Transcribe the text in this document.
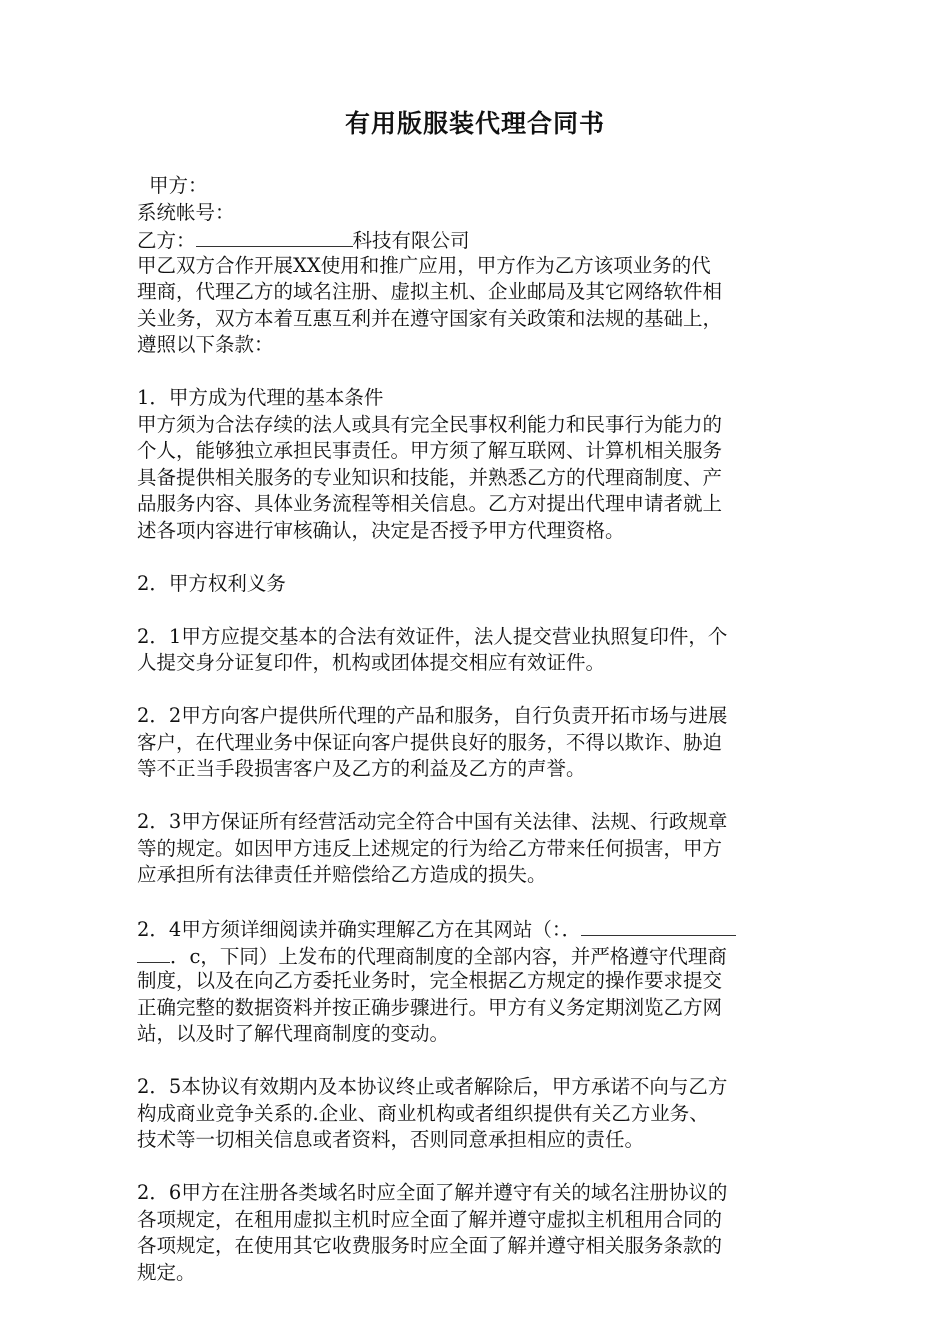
有用版服装代理合同书
甲方：
系统帐号：
乙方：	科技有限公司
甲乙双方合作开展XX使用和推广应用，甲方作为乙方该项业务的代
理商，代理乙方的域名注册、虚拟主机、企业邮局及其它网络软件相
关业务，双方本着互惠互利并在遵守国家有关政策和法规的基础上，
遵照以下条款：
1．甲方成为代理的基本条件
甲方须为合法存续的法人或具有完全民事权利能力和民事行为能力的
个人，能够独立承担民事责任。甲方须了解互联网、计算机相关服务
具备提供相关服务的专业知识和技能，并熟悉乙方的代理商制度、产
品服务内容、具体业务流程等相关信息。乙方对提出代理申请者就上
述各项内容进行审核确认，决定是否授予甲方代理资格。
2．甲方权利义务
2．1甲方应提交基本的合法有效证件，法人提交营业执照复印件，个
人提交身分证复印件，机构或团体提交相应有效证件。
2．2甲方向客户提供所代理的产品和服务，自行负责开拓市场与进展
客户，在代理业务中保证向客户提供良好的服务，不得以欺诈、胁迫
等不正当手段损害客户及乙方的利益及乙方的声誉。
2．3甲方保证所有经营活动完全符合中国有关法律、法规、行政规章
等的规定。如因甲方违反上述规定的行为给乙方带来任何损害，甲方
应承担所有法律责任并赔偿给乙方造成的损失。
2．4甲方须详细阅读并确实理解乙方在其网站（：．
．c，下同）上发布的代理商制度的全部内容，并严格遵守代理商
制度，以及在向乙方委托业务时，完全根据乙方规定的操作要求提交
正确完整的数据资料并按正确步骤进行。甲方有义务定期浏览乙方网
站，以及时了解代理商制度的变动。
2．5本协议有效期内及本协议终止或者解除后，甲方承诺不向与乙方
构成商业竞争关系的.企业、商业机构或者组织提供有关乙方业务、
技术等一切相关信息或者资料，否则同意承担相应的责任。
2．6甲方在注册各类域名时应全面了解并遵守有关的域名注册协议的
各项规定，在租用虚拟主机时应全面了解并遵守虚拟主机租用合同的
各项规定，在使用其它收费服务时应全面了解并遵守相关服务条款的
规定。
